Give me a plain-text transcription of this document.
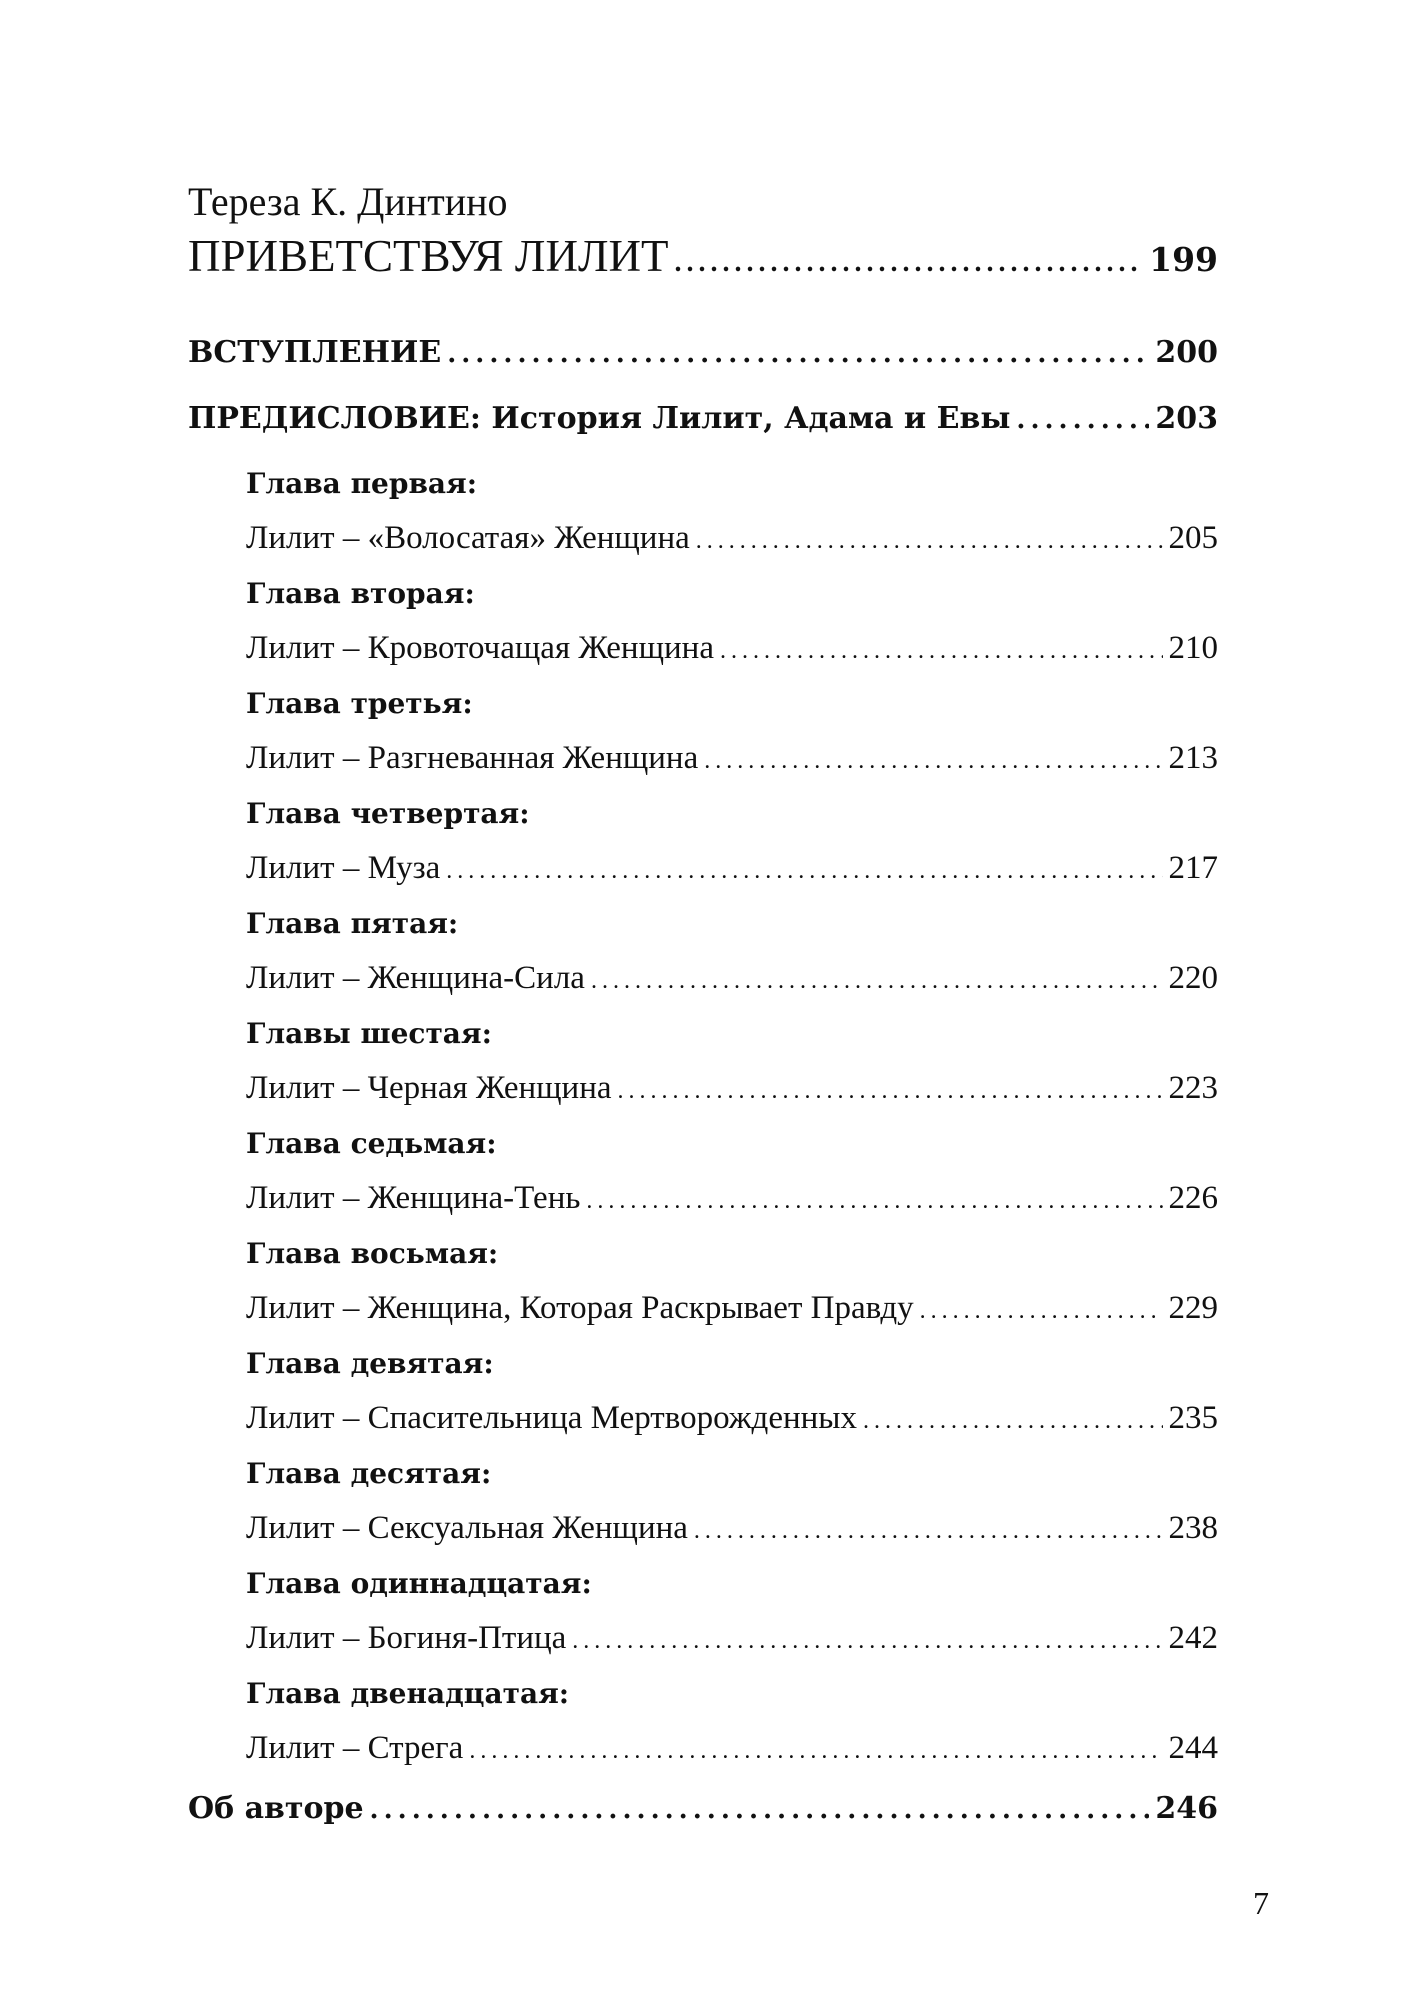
Тереза К. Динтино
ПРИВЕТСТВУЯ ЛИЛИТ .....	199
ВСТУПЛЕНИЕ .....	200
ПРЕДИСЛОВИЕ: История Лилит, Адама и Евы .....	203
Глава первая:
Лилит – «Волосатая» Женщина .....	205
Глава вторая:
Лилит – Кровоточащая Женщина .....	210
Глава третья:
Лилит – Разгневанная Женщина .....	213
Глава четвертая:
Лилит – Муза .....	217
Глава пятая:
Лилит – Женщина-Сила .....	220
Главы шестая:
Лилит – Черная Женщина .....	223
Глава седьмая:
Лилит – Женщина-Тень .....	226
Глава восьмая:
Лилит – Женщина, Которая Раскрывает Правду .....	229
Глава девятая:
Лилит – Спасительница Мертворожденных .....	235
Глава десятая:
Лилит – Сексуальная Женщина .....	238
Глава одиннадцатая:
Лилит – Богиня-Птица .....	242
Глава двенадцатая:
Лилит – Стрега .....	244
Об авторе .....	246
7
